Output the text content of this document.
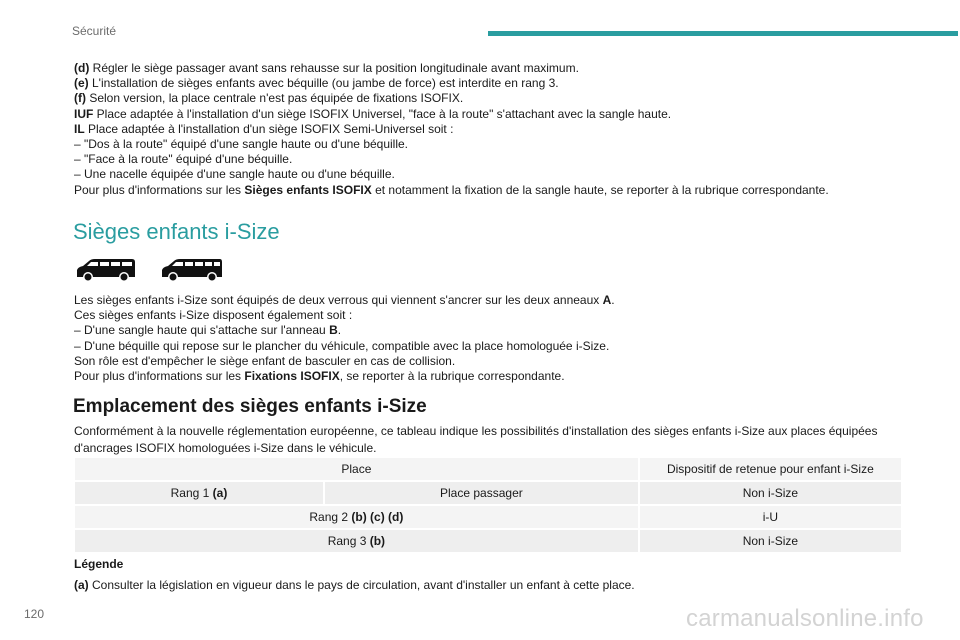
Sécurité
(d) Régler le siège passager avant sans rehausse sur la position longitudinale avant maximum.
(e) L'installation de sièges enfants avec béquille (ou jambe de force) est interdite en rang 3.
(f) Selon version, la place centrale n'est pas équipée de fixations ISOFIX.
IUF Place adaptée à l'installation d'un siège ISOFIX Universel, "face à la route" s'attachant avec la sangle haute.
IL Place adaptée à l'installation d'un siège ISOFIX Semi-Universel soit :
– "Dos à la route" équipé d'une sangle haute ou d'une béquille.
– "Face à la route" équipé d'une béquille.
– Une nacelle équipée d'une sangle haute ou d'une béquille.
Pour plus d'informations sur les Sièges enfants ISOFIX et notamment la fixation de la sangle haute, se reporter à la rubrique correspondante.
Sièges enfants i-Size
Les sièges enfants i-Size sont équipés de deux verrous qui viennent s'ancrer sur les deux anneaux A.
Ces sièges enfants i-Size disposent également soit :
– D'une sangle haute qui s'attache sur l'anneau B.
– D'une béquille qui repose sur le plancher du véhicule, compatible avec la place homologuée i-Size.
Son rôle est d'empêcher le siège enfant de basculer en cas de collision.
Pour plus d'informations sur les Fixations ISOFIX, se reporter à la rubrique correspondante.
Emplacement des sièges enfants i-Size
Conformément à la nouvelle réglementation européenne, ce tableau indique les possibilités d'installation des sièges enfants i-Size aux places équipées d'ancrages ISOFIX homologuées i-Size dans le véhicule.
Place		Dispositif de retenue pour enfant i-Size
Rang 1 (a)	Place passager	Non i-Size
Rang 2 (b) (c) (d)		i-U
Rang 3 (b)		Non i-Size
Légende
(a) Consulter la législation en vigueur dans le pays de circulation, avant d'installer un enfant à cette place.
120	carmanualsonline.info
